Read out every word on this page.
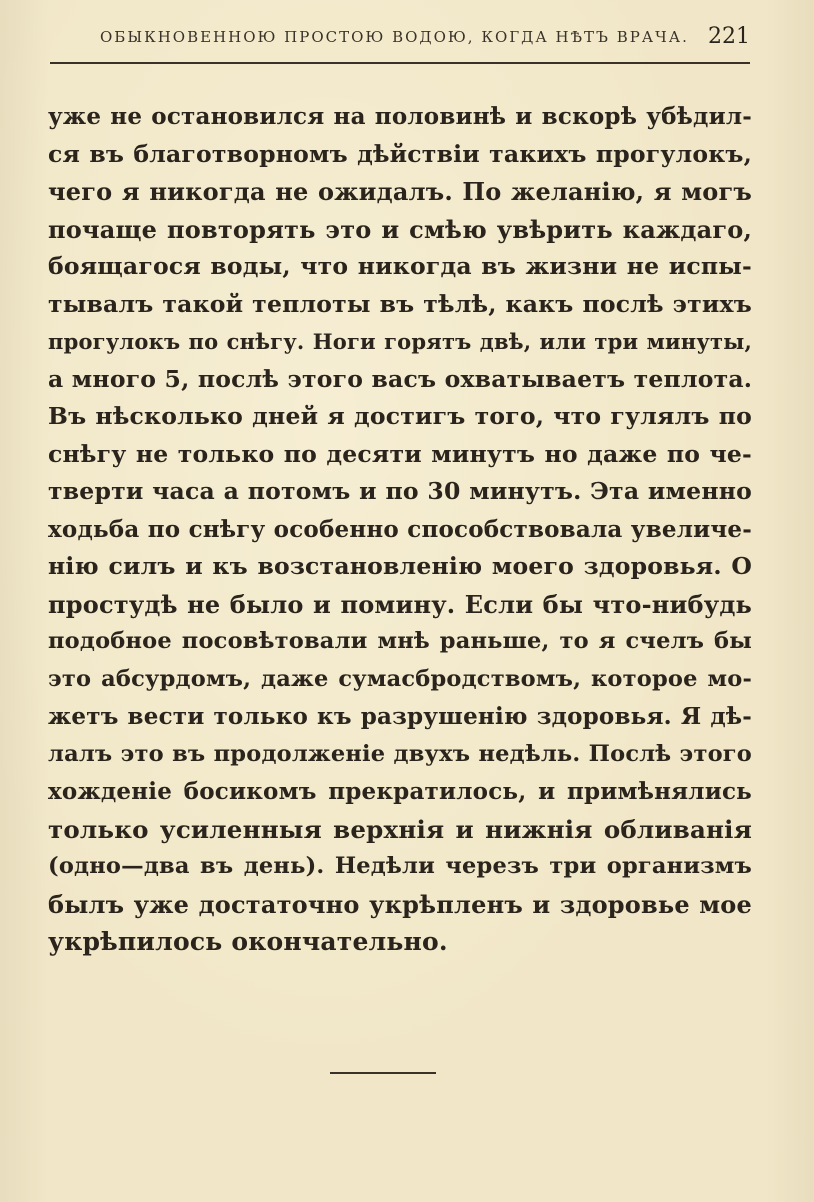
ОБЫКНОВЕННОЮ ПРОСТОЮ ВОДОЮ, КОГДА НѢТЪ ВРАЧА. 221
уже не остановился на половинѣ и вскорѣ убѣдил-
ся въ благотворномъ дѣйствіи такихъ прогулокъ,
чего я никогда не ожидалъ. По желанію, я могъ
почаще повторять это и смѣю увѣрить каждаго,
боящагося воды, что никогда въ жизни не испы-
тывалъ такой теплоты въ тѣлѣ, какъ послѣ этихъ
прогулокъ по снѣгу. Ноги горятъ двѣ, или три минуты,
а много 5, послѣ этого васъ охватываетъ теплота.
Въ нѣсколько дней я достигъ того, что гулялъ по
снѣгу не только по десяти минутъ но даже по че-
тверти часа а потомъ и по 30 минутъ. Эта именно
ходьба по снѣгу особенно способствовала увеличе-
нію силъ и къ возстановленію моего здоровья. О
простудѣ не было и помину. Если бы что-нибудь
подобное посовѣтовали мнѣ раньше, то я счелъ бы
это абсурдомъ, даже сумасбродствомъ, которое мо-
жетъ вести только къ разрушенію здоровья. Я дѣ-
лалъ это въ продолженіе двухъ недѣль. Послѣ этого
хожденіе босикомъ прекратилось, и примѣнялись
только усиленныя верхнія и нижнія обливанія
(одно—два въ день). Недѣли черезъ три организмъ
былъ уже достаточно укрѣпленъ и здоровье мое
укрѣпилось окончательно.
